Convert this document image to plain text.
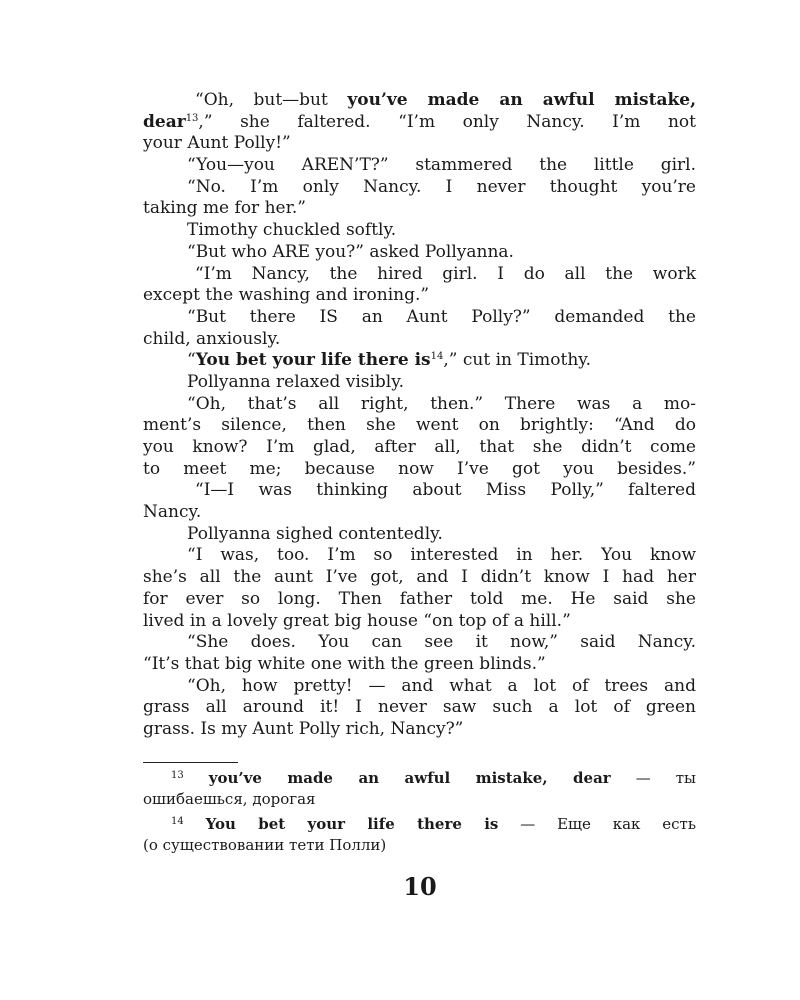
“Oh, but—but you’ve made an awful mistake,
dear$^{13}$,” she faltered. “I’m only Nancy. I’m not
your Aunt Polly!”
“You—you AREN’T?” stammered the little girl.
“No. I’m only Nancy. I never thought you’re
taking me for her.”
Timothy chuckled softly.
“But who ARE you?” asked Pollyanna.
“I’m Nancy, the hired girl. I do all the work
except the washing and ironing.”
“But there IS an Aunt Polly?” demanded the
child, anxiously.
“You bet your life there $is^{14}$,” cut in Timothy.
Pollyanna relaxed visibly.
“Oh, that’s all right, then.” There was a mo-
ment’s silence, then she went on brightly: “And do
you know? I’m glad, after all, that she didn’t come
to meet me; because now I’ve got you besides.”
“I—I was thinking about Miss Polly,” faltered
Nancy.
Pollyanna sighed contentedly.
“I was, too. I’m so interested in her. You know
she’s all the aunt I’ve got, and I didn’t know I had her
for ever so long. Then father told me. He said she
lived in a lovely great big house “on top of a hill.”
“She does. You can see it now,” said Nancy.
“It’s that big white one with the green blinds.”
“Oh, how pretty! — and what a lot of trees and
grass all around it! I never saw such a lot of green
grass. Is my Aunt Polly rich, Nancy?”
$^{13}$ you’ve made an awful mistake, dear — ты
ошибаешься, дорогая
$^{14}$ You bet your life there is — Еще как есть
(о существовании тети Полли)
10
